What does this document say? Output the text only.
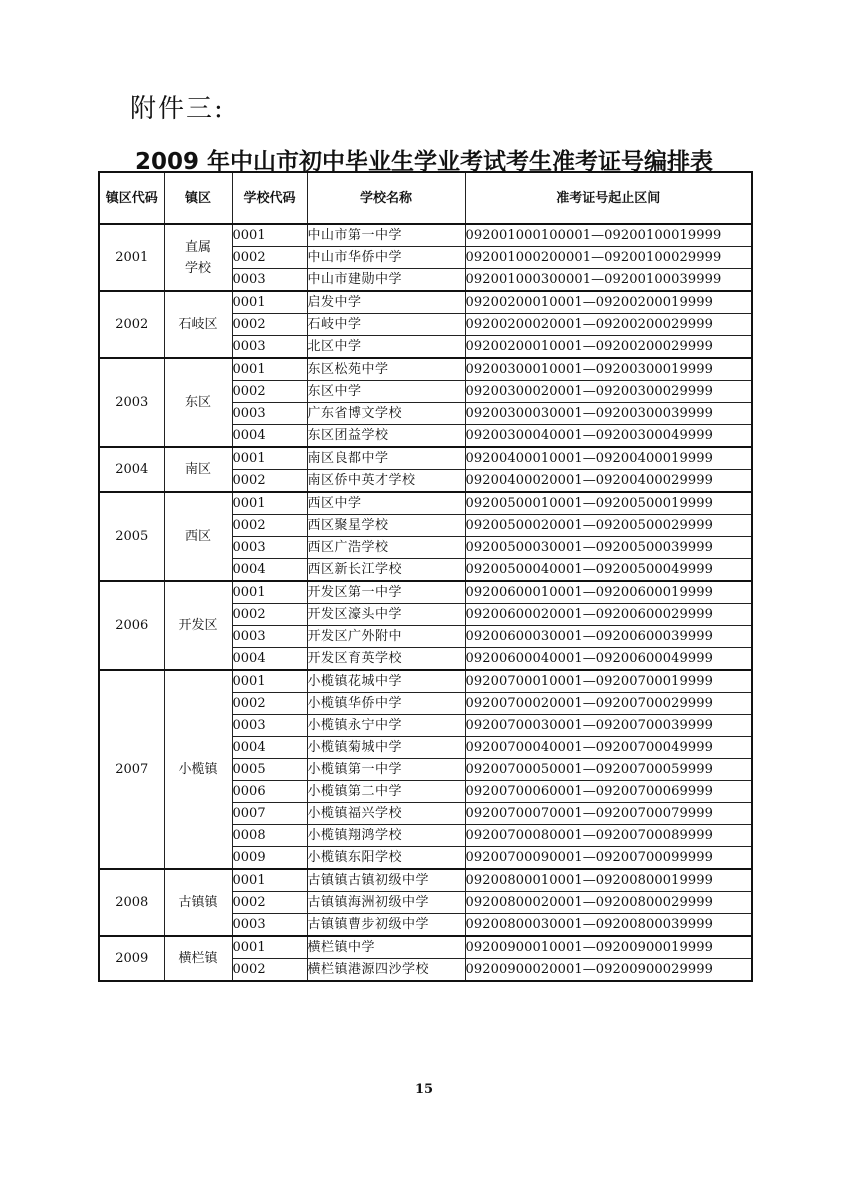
附件三:
2009 年中山市初中毕业生学业考试考生准考证号编排表
镇区代码	镇区	学校代码	学校名称	准考证号起止区间
2001	直属学校	0001	中山市第一中学	092001000100001—09200100019999
		0002	中山市华侨中学	092001000200001—09200100029999
		0003	中山市建勋中学	092001000300001—09200100039999
2002	石岐区	0001	启发中学	09200200010001—09200200019999
		0002	石岐中学	09200200020001—09200200029999
		0003	北区中学	09200200010001—09200200029999
2003	东区	0001	东区松苑中学	09200300010001—09200300019999
		0002	东区中学	09200300020001—09200300029999
		0003	广东省博文学校	09200300030001—09200300039999
		0004	东区团益学校	09200300040001—09200300049999
2004	南区	0001	南区良都中学	09200400010001—09200400019999
		0002	南区侨中英才学校	09200400020001—09200400029999
2005	西区	0001	西区中学	09200500010001—09200500019999
		0002	西区聚星学校	09200500020001—09200500029999
		0003	西区广浩学校	09200500030001—09200500039999
		0004	西区新长江学校	09200500040001—09200500049999
2006	开发区	0001	开发区第一中学	09200600010001—09200600019999
		0002	开发区濠头中学	09200600020001—09200600029999
		0003	开发区广外附中	09200600030001—09200600039999
		0004	开发区育英学校	09200600040001—09200600049999
2007	小榄镇	0001	小榄镇花城中学	09200700010001—09200700019999
		0002	小榄镇华侨中学	09200700020001—09200700029999
		0003	小榄镇永宁中学	09200700030001—09200700039999
		0004	小榄镇菊城中学	09200700040001—09200700049999
		0005	小榄镇第一中学	09200700050001—09200700059999
		0006	小榄镇第二中学	09200700060001—09200700069999
		0007	小榄镇福兴学校	09200700070001—09200700079999
		0008	小榄镇翔鸿学校	09200700080001—09200700089999
		0009	小榄镇东阳学校	09200700090001—09200700099999
2008	古镇镇	0001	古镇镇古镇初级中学	09200800010001—09200800019999
		0002	古镇镇海洲初级中学	09200800020001—09200800029999
		0003	古镇镇曹步初级中学	09200800030001—09200800039999
2009	横栏镇	0001	横栏镇中学	09200900010001—09200900019999
		0002	横栏镇港源四沙学校	09200900020001—09200900029999
15
